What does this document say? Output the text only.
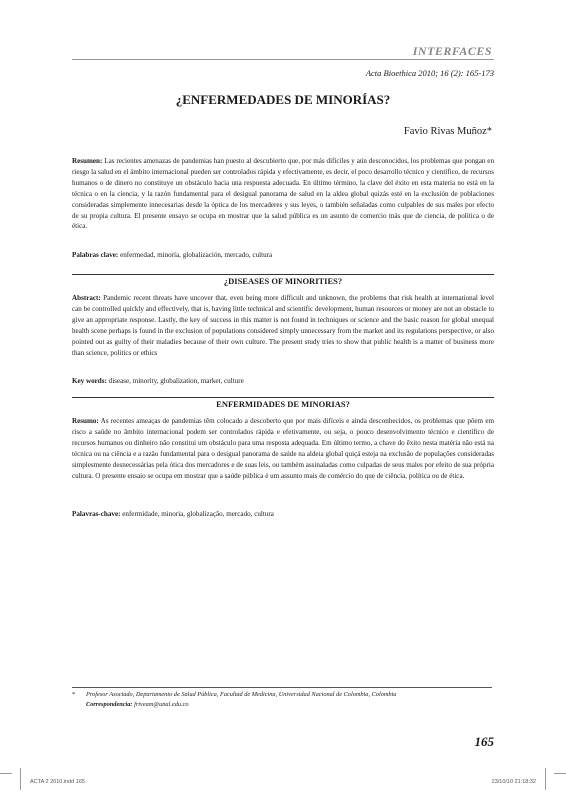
INTERFACES
Acta Bioethica 2010; 16 (2): 165-173
¿ENFERMEDADES DE MINORÍAS?
Favio Rivas Muñoz*
Resumen: Las recientes amenazas de pandemias han puesto al descubierto que, por más difíciles y aún desconocidos, los problemas que pongan en riesgo la salud en el ámbito internacional pueden ser controlados rápida y efectivamente, es decir, el poco desarrollo técnico y científico, de recursos humanos o de dinero no constituye un obstáculo hacia una respuesta adecuada. En último término, la clave del éxito en esta materia no está en la técnica o en la ciencia, y la razón fundamental para el desigual panorama de salud en la aldea global quizás esté en la exclusión de poblaciones consideradas simplemente innecesarias desde la óptica de los mercaderes y sus leyes, o también señaladas como culpables de sus males por efecto de su propia cultura. El presente ensayo se ocupa en mostrar que la salud pública es un asunto de comercio más que de ciencia, de política o de ética.
Palabras clave: enfermedad, minoría, globalización, mercado, cultura
¿DISEASES OF MINORITIES?
Abstract: Pandemic recent threats have uncover that, even being more difficult and unknown, the problems that risk health at international level can be controlled quickly and effectively, that is, having little technical and scientific development, human resources or money are not an obstacle to give an appropriate response. Lastly, the key of success in this matter is not found in techniques or science and the basic reason for global unequal health scene perhaps is found in the exclusion of populations considered simply unnecessary from the market and its regulations perspective, or also pointed out as guilty of their maladies because of their own culture. The present study tries to show that public health is a matter of business more than science, politics or ethics
Key words: disease, minority, globalization, market, culture
ENFERMIDADES DE MINORIAS?
Resumo: As recentes ameaças de pandemias têm colocado a descoberto que por mais difíceis e ainda desconhecidos, os problemas que põem em risco a saúde no âmbito internacional podem ser controlados rápida e efetivamente, ou seja, o pouco desenvolvimento técnico e científico de recursos humanos ou dinheiro não constitui um obstáculo para uma resposta adequada. Em último termo, a chave do êxito nesta matéria não está na técnica ou na ciência e a razão fundamental para o desigual panorama de saúde na aldeia global quiçá esteja na exclusão de populações consideradas simplesmente desnecessárias pela ótica dos mercadores e de suas leis, ou também assinaladas como culpadas de seus males por efeito de sua própria cultura. O presente ensaio se ocupa em mostrar que a saúde pública é um assunto mais de comércio do que de ciência, política ou de ética.
Palavras-chave: enfermidade, minoria, globalização, mercado, cultura
* Profesor Asociado, Departamento de Salud Pública, Facultad de Medicina, Universidad Nacional de Colombia, Colombia
Correspondencia: friveam@unal.edu.co
165
ACTA 2 2010.indd 165	23/10/10 21:18:32
